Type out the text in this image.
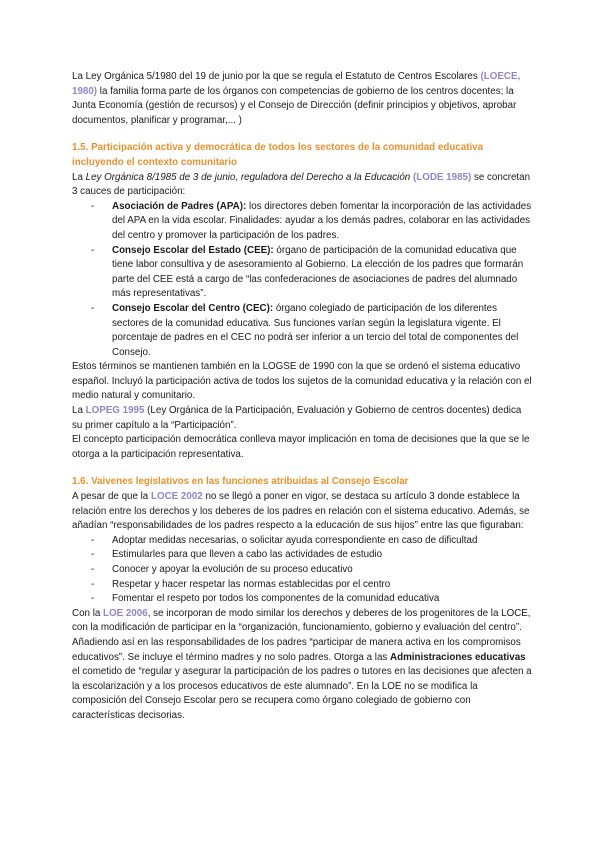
La Ley Orgánica 5/1980 del 19 de junio por la que se regula el Estatuto de Centros Escolares (LOECE, 1980) la familia forma parte de los órganos con competencias de gobierno de los centros docentes; la Junta Economía (gestión de recursos) y el Consejo de Dirección (definir principios y objetivos, aprobar documentos, planificar y programar,... )

1.5. Participación activa y democrática de todos los sectores de la comunidad educativa incluyendo el contexto comunitario

La Ley Orgánica 8/1985 de 3 de junio, reguladora del Derecho a la Educación (LODE 1985) se concretan 3 cauces de participación:

- Asociación de Padres (APA): los directores deben fomentar la incorporación de las actividades del APA en la vida escolar. Finalidades: ayudar a los demás padres, colaborar en las actividades del centro y promover la participación de los padres.
- Consejo Escolar del Estado (CEE): órgano de participación de la comunidad educativa que tiene labor consultiva y de asesoramiento al Gobierno. La elección de los padres que formarán parte del CEE está a cargo de “las confederaciones de asociaciones de padres del alumnado más representativas”.
- Consejo Escolar del Centro (CEC): órgano colegiado de participación de los diferentes sectores de la comunidad educativa. Sus funciones varían según la legislatura vigente. El porcentaje de padres en el CEC no podrá ser inferior a un tercio del total de componentes del Consejo.

Estos términos se mantienen también en la LOGSE de 1990 con la que se ordenó el sistema educativo español. Incluyó la participación activa de todos los sujetos de la comunidad educativa y la relación con el medio natural y comunitario.

La LOPEG 1995 (Ley Orgánica de la Participación, Evaluación y Gobierno de centros docentes) dedica su primer capítulo a la “Participación”.

El concepto participación democrática conlleva mayor implicación en toma de decisiones que la que se le otorga a la participación representativa.

1.6. Vaivenes legislativos en las funciones atribuidas al Consejo Escolar

A pesar de que la LOCE 2002 no se llegó a poner en vigor, se destaca su artículo 3 donde establece la relación entre los derechos y los deberes de los padres en relación con el sistema educativo. Además, se añadían “responsabilidades de los padres respecto a la educación de sus hijos” entre las que figuraban:

- Adoptar medidas necesarias, o solicitar ayuda correspondiente en caso de dificultad
- Estimularles para que lleven a cabo las actividades de estudio
- Conocer y apoyar la evolución de su proceso educativo
- Respetar y hacer respetar las normas establecidas por el centro
- Fomentar el respeto por todos los componentes de la comunidad educativa

Con la LOE 2006, se incorporan de modo similar los derechos y deberes de los progenitores de la LOCE, con la modificación de participar en la “organización, funcionamiento, gobierno y evaluación del centro”. Añadiendo así en las responsabilidades de los padres “participar de manera activa en los compromisos educativos”. Se incluye el término madres y no solo padres. Otorga a las Administraciones educativas el cometido de “regular y asegurar la participación de los padres o tutores en las decisiones que afecten a la escolarización y a los procesos educativos de este alumnado”. En la LOE no se modifica la composición del Consejo Escolar pero se recupera como órgano colegiado de gobierno con características decisorias.
